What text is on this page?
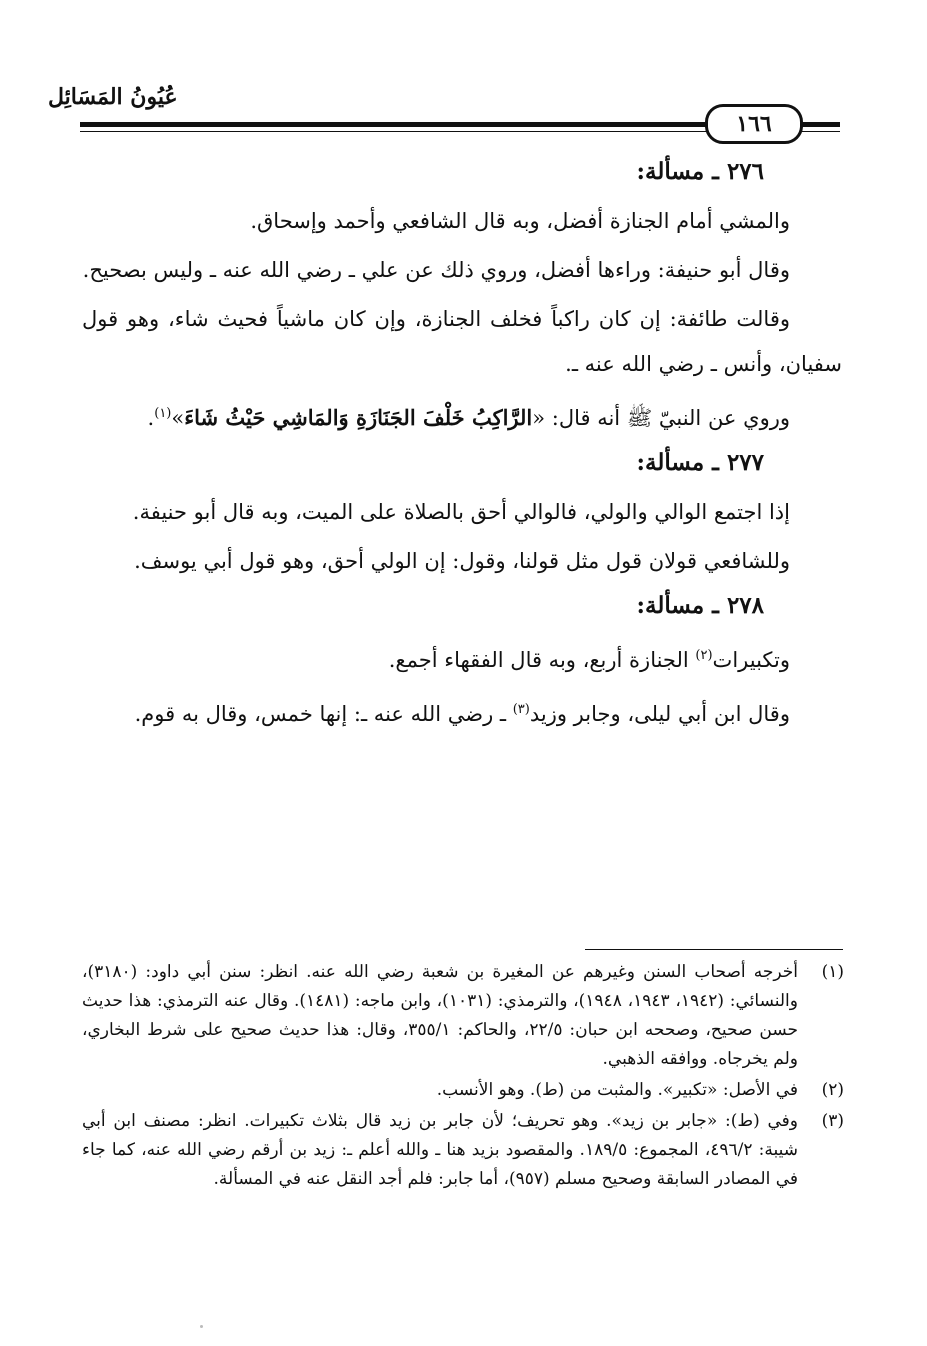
عُيُونُ المَسَائِل
١٦٦
٢٧٦ ـ مسألة:

والمشي أمام الجنازة أفضل، وبه قال الشافعي وأحمد وإسحاق.

وقال أبو حنيفة: وراءها أفضل، وروي ذلك عن علي ـ رضي الله عنه ـ وليس بصحيح.

وقالت طائفة: إن كان راكباً فخلف الجنازة، وإن كان ماشياً فحيث شاء، وهو قول سفيان، وأنس ـ رضي الله عنه ـ.

وروي عن النبيّ ﷺ أنه قال: «الرَّاكِبُ خَلْفَ الجَنَازَةِ وَالمَاشِي حَيْثُ شَاءَ»$^{(١)}$.

٢٧٧ ـ مسألة:

إذا اجتمع الوالي والولي، فالوالي أحق بالصلاة على الميت، وبه قال أبو حنيفة.

وللشافعي قولان قول مثل قولنا، وقول: إن الولي أحق، وهو قول أبي يوسف.

٢٧٨ ـ مسألة:

وتكبيرات$^{(٢)}$ الجنازة أربع، وبه قال الفقهاء أجمع.

وقال ابن أبي ليلى، وجابر وزيد$^{(٣)}$ ـ رضي الله عنه ـ: إنها خمس، وقال به قوم.

(١)
أخرجه أصحاب السنن وغيرهم عن المغيرة بن شعبة رضي الله عنه. انظر: سنن أبي داود: (٣١٨٠)، والنسائي: (١٩٤٢، ١٩٤٣، ١٩٤٨)، والترمذي: (١٠٣١)، وابن ماجه: (١٤٨١). وقال عنه الترمذي: هذا حديث حسن صحيح، وصححه ابن حبان: ٢٢/٥، والحاكم: ٣٥٥/١، وقال: هذا حديث صحيح على شرط البخاري، ولم يخرجاه. ووافقه الذهبي.
(٢)
في الأصل: «تكبير». والمثبت من (ط). وهو الأنسب.
(٣)
وفي (ط): «جابر بن زيد». وهو تحريف؛ لأن جابر بن زيد قال بثلاث تكبيرات. انظر: مصنف ابن أبي شيبة: ٤٩٦/٢، المجموع: ١٨٩/٥. والمقصود بزيد هنا ـ والله أعلم ـ: زيد بن أرقم رضي الله عنه، كما جاء في المصادر السابقة وصحيح مسلم (٩٥٧)، أما جابر: فلم أجد النقل عنه في المسألة.
